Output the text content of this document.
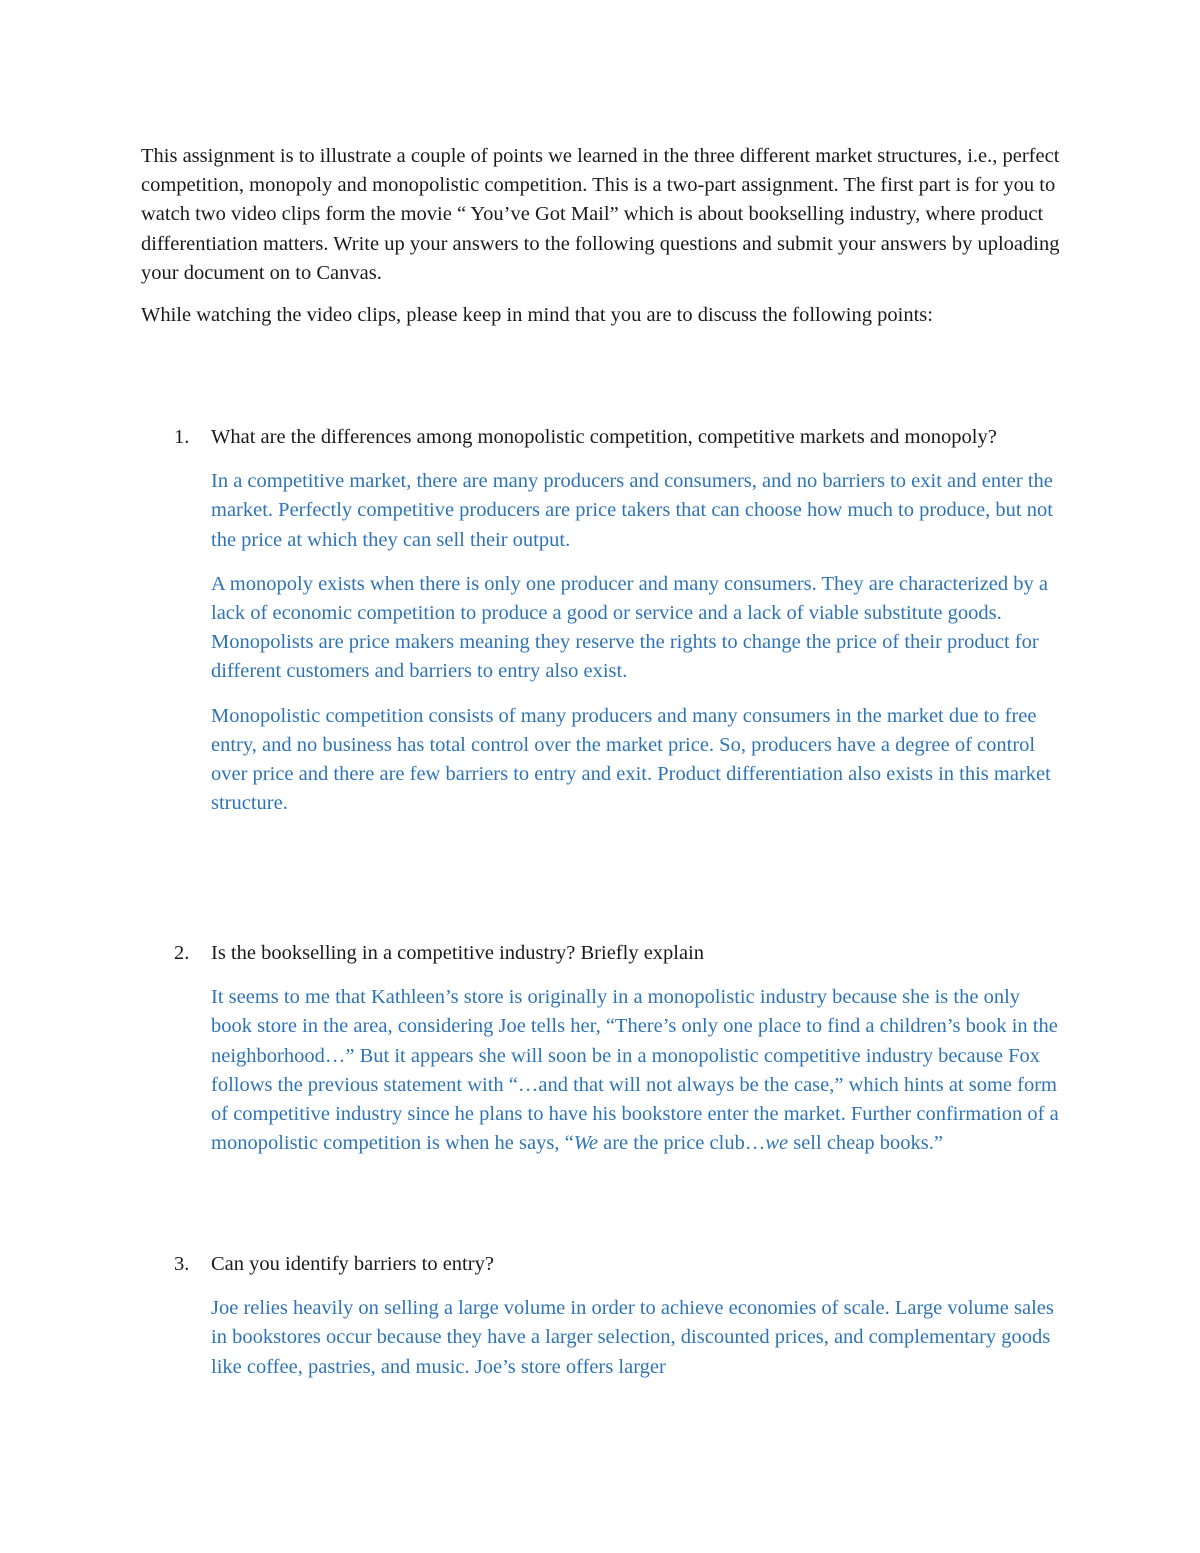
This assignment is to illustrate a couple of points we learned in the three different market structures, i.e., perfect competition, monopoly and monopolistic competition. This is a two-part assignment. The first part is for you to watch two video clips form the movie “ You’ve Got Mail” which is about bookselling industry, where product differentiation matters. Write up your answers to the following questions and submit your answers by uploading your document on to Canvas.

While watching the video clips, please keep in mind that you are to discuss the following points:

1.	What are the differences among monopolistic competition, competitive markets and monopoly?

In a competitive market, there are many producers and consumers, and no barriers to exit and enter the market. Perfectly competitive producers are price takers that can choose how much to produce, but not the price at which they can sell their output.

A monopoly exists when there is only one producer and many consumers. They are characterized by a lack of economic competition to produce a good or service and a lack of viable substitute goods. Monopolists are price makers meaning they reserve the rights to change the price of their product for different customers and barriers to entry also exist.

Monopolistic competition consists of many producers and many consumers in the market due to free entry, and no business has total control over the market price. So, producers have a degree of control over price and there are few barriers to entry and exit. Product differentiation also exists in this market structure.

2.	Is the bookselling in a competitive industry? Briefly explain

It seems to me that Kathleen’s store is originally in a monopolistic industry because she is the only book store in the area, considering Joe tells her, “There’s only one place to find a children’s book in the neighborhood…” But it appears she will soon be in a monopolistic competitive industry because Fox follows the previous statement with “…and that will not always be the case,” which hints at some form of competitive industry since he plans to have his bookstore enter the market. Further confirmation of a monopolistic competition is when he says, “We are the price club…we sell cheap books.”

3.	Can you identify barriers to entry?

Joe relies heavily on selling a large volume in order to achieve economies of scale. Large volume sales in bookstores occur because they have a larger selection, discounted prices, and complementary goods like coffee, pastries, and music. Joe’s store offers larger
